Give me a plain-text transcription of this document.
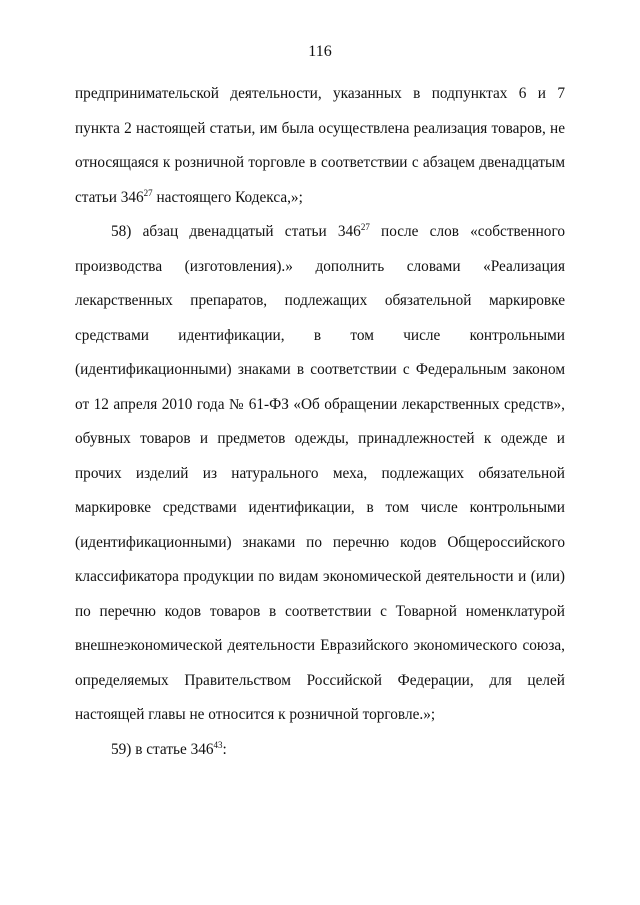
116

предпринимательской деятельности, указанных в подпунктах 6 и 7
пункта 2 настоящей статьи, им была осуществлена реализация товаров, не
относящаяся к розничной торговле в соответствии с абзацем двенадцатым
статьи $346^{27}$ настоящего Кодекса,»;

58) абзац двенадцатый статьи $346^{27}$ после слов «собственного
производства (изготовления).» дополнить словами «Реализация
лекарственных препаратов, подлежащих обязательной маркировке
средствами идентификации, в том числе контрольными
(идентификационными) знаками в соответствии с Федеральным законом
от 12 апреля 2010 года № 61-ФЗ «Об обращении лекарственных средств»,
обувных товаров и предметов одежды, принадлежностей к одежде и
прочих изделий из натурального меха, подлежащих обязательной
маркировке средствами идентификации, в том числе контрольными
(идентификационными) знаками по перечню кодов Общероссийского
классификатора продукции по видам экономической деятельности и (или)
по перечню кодов товаров в соответствии с Товарной номенклатурой
внешнеэкономической деятельности Евразийского экономического союза,
определяемых Правительством Российской Федерации, для целей
настоящей главы не относится к розничной торговле.»;

59) в статье $346^{43}$:
